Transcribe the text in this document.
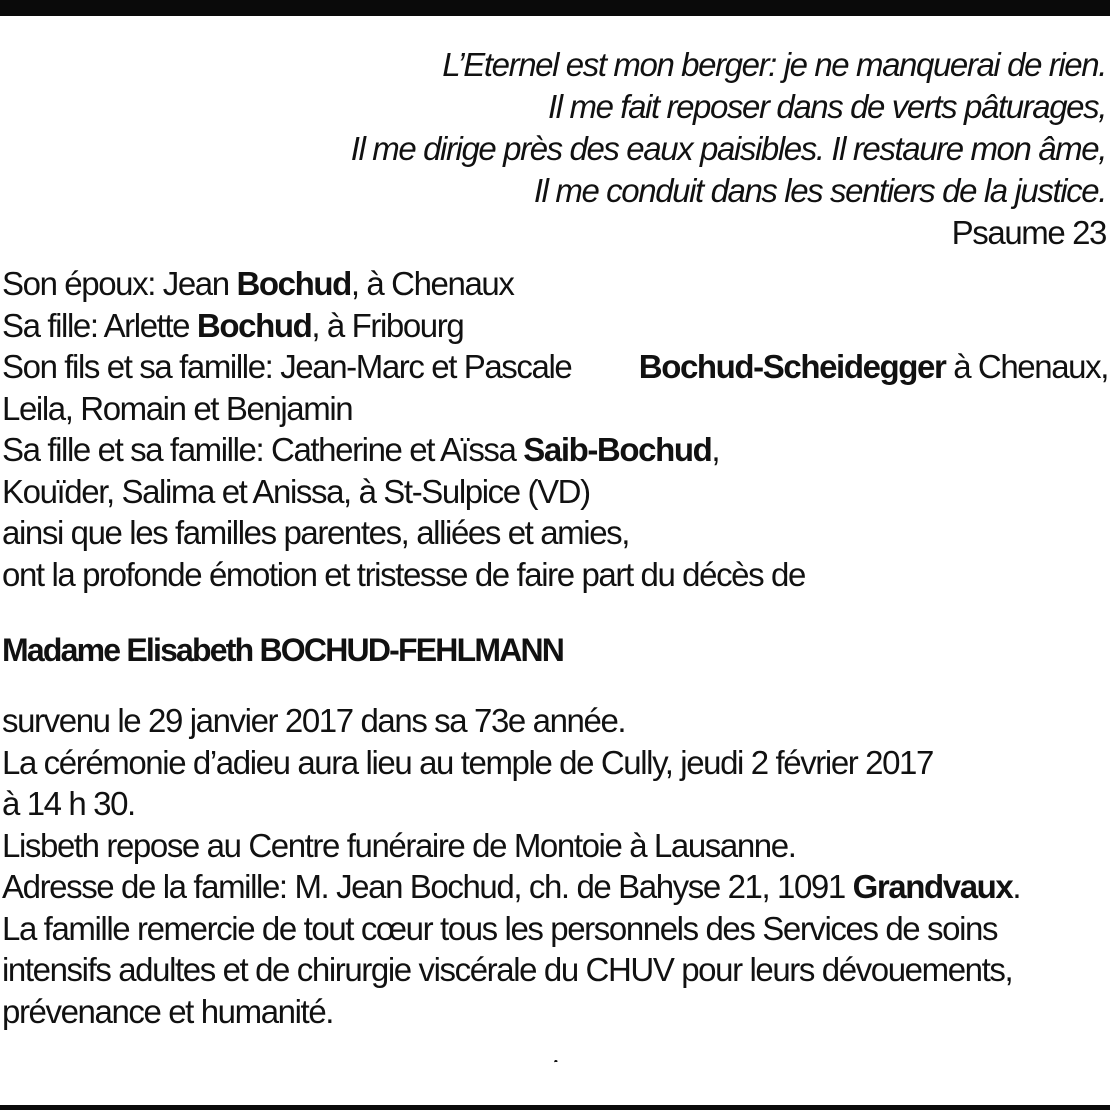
L’Eternel est mon berger: je ne manquerai de rien.
Il me fait reposer dans de verts pâturages,
Il me dirige près des eaux paisibles. Il restaure mon âme,
Il me conduit dans les sentiers de la justice.
Psaume 23
Son époux: Jean Bochud, à Chenaux
Sa fille: Arlette Bochud, à Fribourg
Son fils et sa famille: Jean-Marc et Pascale Bochud-Scheidegger à Chenaux,
Leila, Romain et Benjamin
Sa fille et sa famille: Catherine et Aïssa Saib-Bochud,
Kouïder, Salima et Anissa, à St-Sulpice (VD)
ainsi que les familles parentes, alliées et amies,
ont la profonde émotion et tristesse de faire part du décès de
Madame Elisabeth BOCHUD-FEHLMANN
survenu le 29 janvier 2017 dans sa 73e année.
La cérémonie d’adieu aura lieu au temple de Cully, jeudi 2 février 2017
à 14 h 30.
Lisbeth repose au Centre funéraire de Montoie à Lausanne.
Adresse de la famille: M. Jean Bochud, ch. de Bahyse 21, 1091 Grandvaux.
La famille remercie de tout cœur tous les personnels des Services de soins
intensifs adultes et de chirurgie viscérale du CHUV pour leurs dévouements,
prévenance et humanité.
